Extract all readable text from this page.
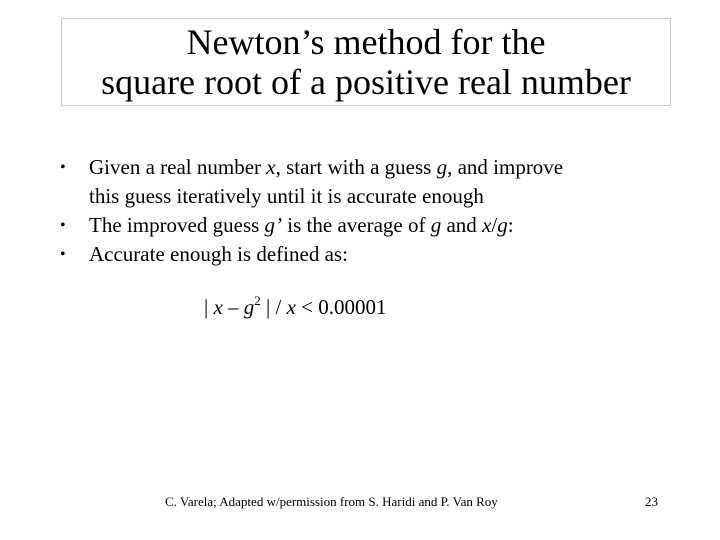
Newton’s method for the
square root of a positive real number
•	Given a real number x, start with a guess g, and improve
this guess iteratively until it is accurate enough
•	The improved guess g’ is the average of g and x/g:
•	Accurate enough is defined as:
| x – $g^2$ | / x < 0.00001
C. Varela; Adapted w/permission from S. Haridi and P. Van Roy	23
